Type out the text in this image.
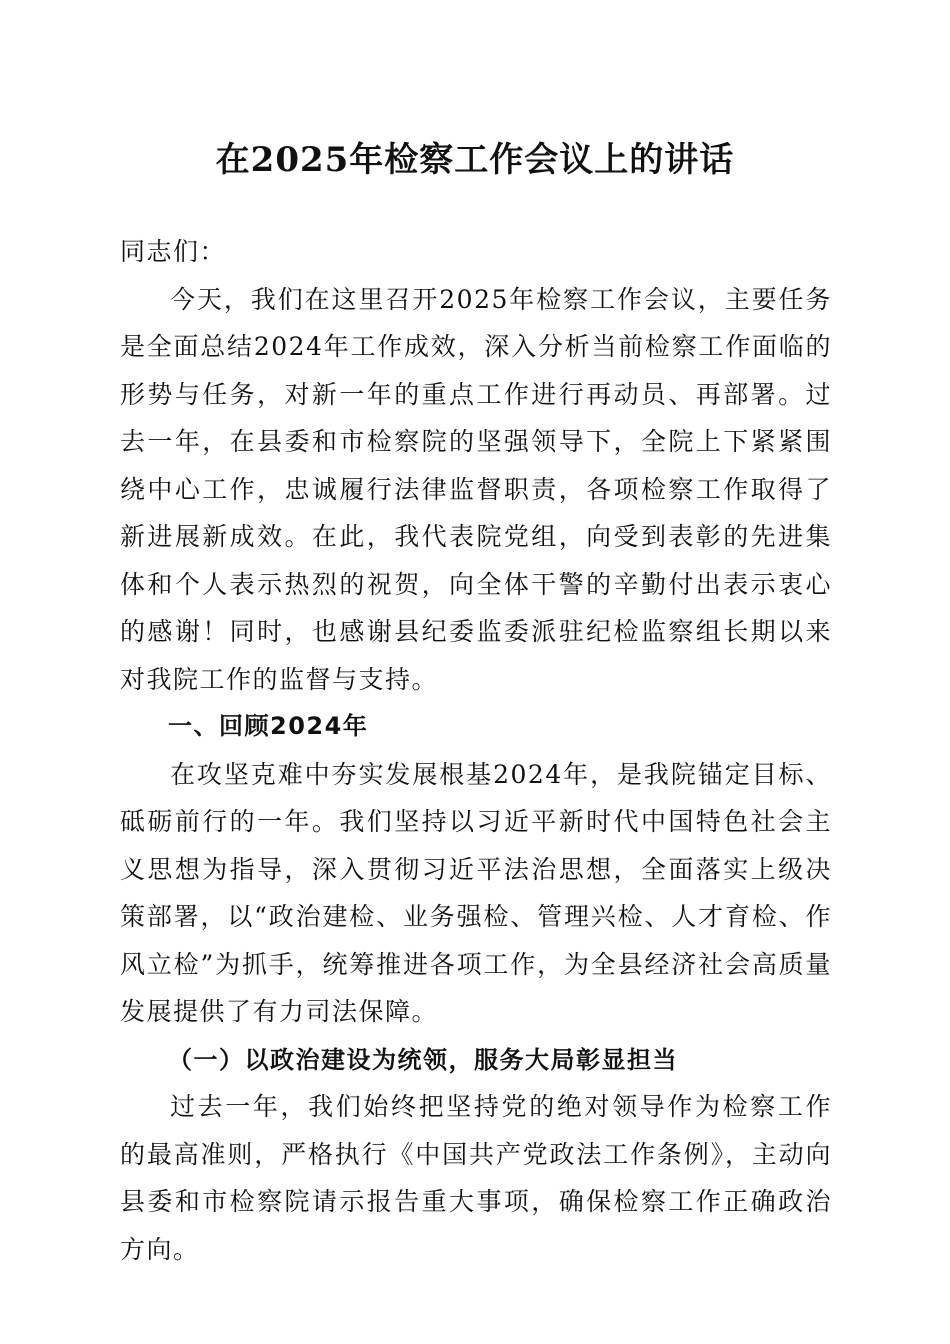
在2025年检察工作会议上的讲话

同志们：

今天，我们在这里召开2025年检察工作会议，主要任务是全面总结2024年工作成效，深入分析当前检察工作面临的形势与任务，对新一年的重点工作进行再动员、再部署。过去一年，在县委和市检察院的坚强领导下，全院上下紧紧围绕中心工作，忠诚履行法律监督职责，各项检察工作取得了新进展新成效。在此，我代表院党组，向受到表彰的先进集体和个人表示热烈的祝贺，向全体干警的辛勤付出表示衷心的感谢！同时，也感谢县纪委监委派驻纪检监察组长期以来对我院工作的监督与支持。

一、回顾2024年

在攻坚克难中夯实发展根基2024年，是我院锚定目标、砥砺前行的一年。我们坚持以习近平新时代中国特色社会主义思想为指导，深入贯彻习近平法治思想，全面落实上级决策部署，以“政治建检、业务强检、管理兴检、人才育检、作风立检”为抓手，统筹推进各项工作，为全县经济社会高质量发展提供了有力司法保障。

（一）以政治建设为统领，服务大局彰显担当

过去一年，我们始终把坚持党的绝对领导作为检察工作的最高准则，严格执行《中国共产党政法工作条例》，主动向县委和市检察院请示报告重大事项，确保检察工作正确政治方向。
